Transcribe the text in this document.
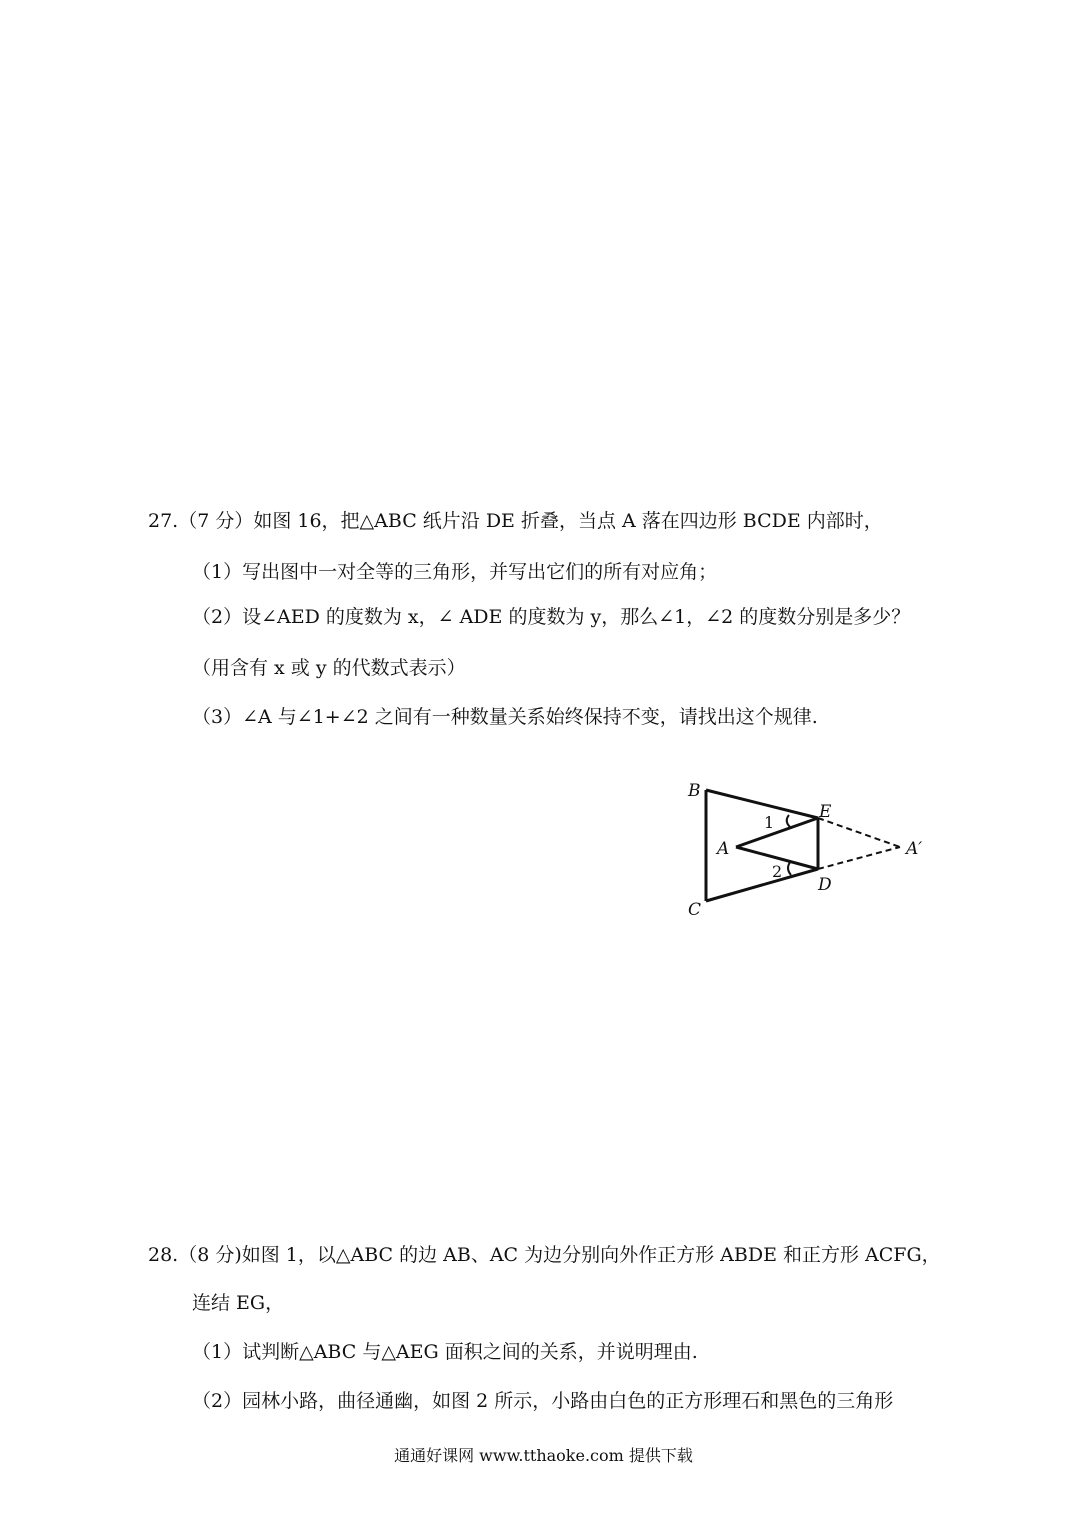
27.（7 分）如图 16，把△ABC 纸片沿 DE 折叠，当点 A 落在四边形 BCDE 内部时，
（1）写出图中一对全等的三角形，并写出它们的所有对应角；
（2）设∠AED 的度数为 x，∠ ADE 的度数为 y，那么∠1，∠2 的度数分别是多少？
（用含有 x 或 y 的代数式表示）
（3）∠A 与∠1+∠2 之间有一种数量关系始终保持不变，请找出这个规律.
B
C
E
D
A	A′
1
2
28.（8 分)如图 1，以△ABC 的边 AB、AC 为边分别向外作正方形 ABDE 和正方形 ACFG，
连结 EG，
（1）试判断△ABC 与△AEG 面积之间的关系，并说明理由.
（2）园林小路，曲径通幽，如图 2 所示，小路由白色的正方形理石和黑色的三角形
通通好课网 www.tthaoke.com 提供下载
